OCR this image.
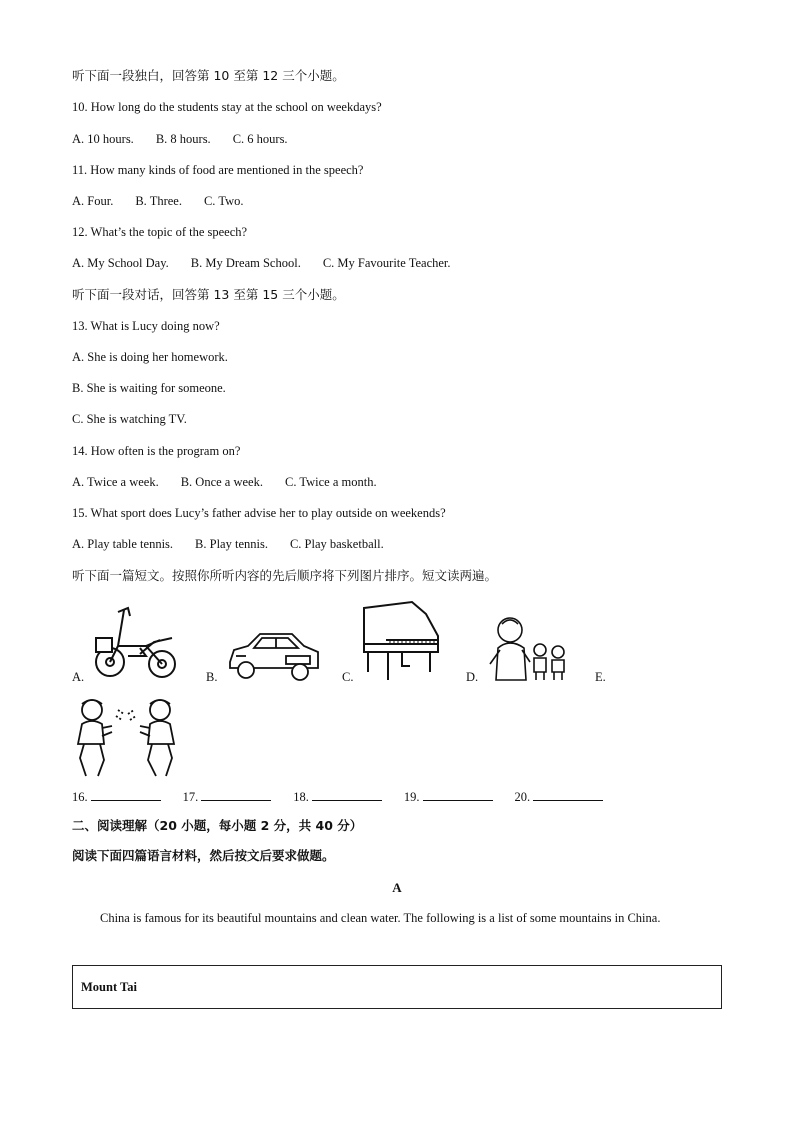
听下面一段独白，回答第 10 至第 12 三个小题。
10. How long do the students stay at the school on weekdays?
A. 10 hours. B. 8 hours. C. 6 hours.
11. How many kinds of food are mentioned in the speech?
A. Four. B. Three. C. Two.
12. What’s the topic of the speech?
A. My School Day. B. My Dream School. C. My Favourite Teacher.
听下面一段对话，回答第 13 至第 15 三个小题。
13. What is Lucy doing now?
A. She is doing her homework.
B. She is waiting for someone.
C. She is watching TV.
14. How often is the program on?
A. Twice a week. B. Once a week. C. Twice a month.
15. What sport does Lucy’s father advise her to play outside on weekends?
A. Play table tennis. B. Play tennis. C. Play basketball.
听下面一篇短文。按照你所听内容的先后顺序将下列图片排序。短文读两遍。
A.	B.	C.	D.	E.
16.	17.	18.	19.	20.
二、阅读理解（20 小题，每小题 2 分，共 40 分）
阅读下面四篇语言材料，然后按文后要求做题。
A
China is famous for its beautiful mountains and clean water. The following is a list of some mountains in China.
Mount Tai
